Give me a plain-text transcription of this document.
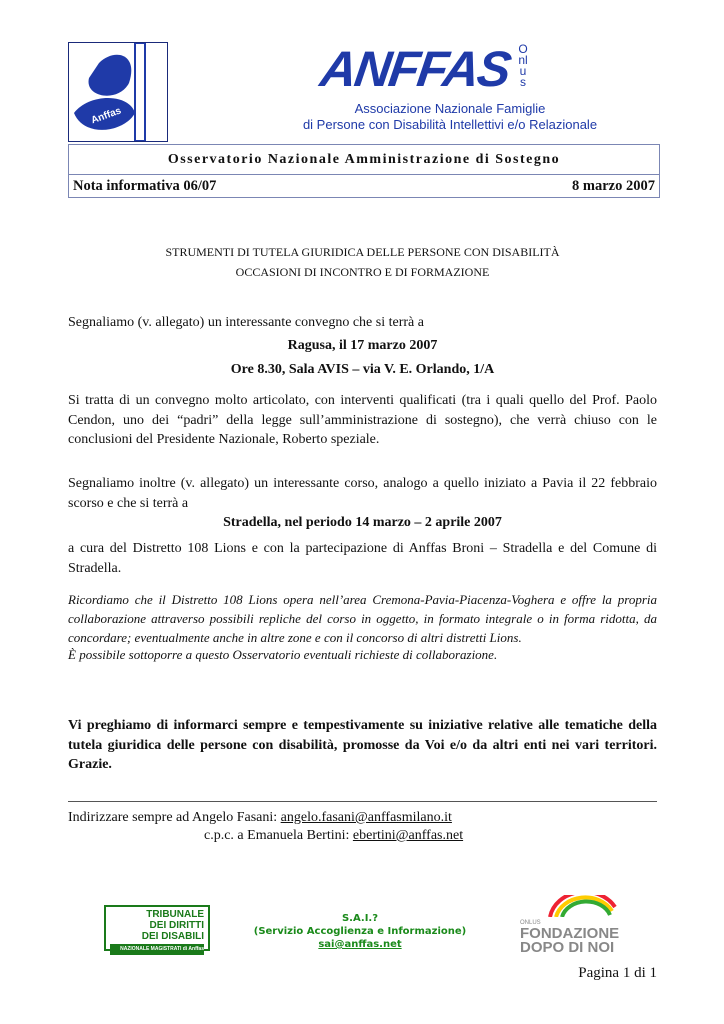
Anffas
ANFFAS Onlus
Associazione Nazionale Famiglie
di Persone con Disabilità Intellettivi e/o Relazionale
Osservatorio Nazionale Amministrazione di Sostegno
Nota informativa 06/07	8 marzo 2007
STRUMENTI DI TUTELA GIURIDICA DELLE PERSONE CON DISABILITÀ
OCCASIONI DI INCONTRO E DI FORMAZIONE
Segnaliamo (v. allegato) un interessante convegno che si terrà a
Ragusa, il 17 marzo 2007
Ore 8.30, Sala AVIS – via V. E. Orlando, 1/A
Si tratta di un convegno molto articolato, con interventi qualificati (tra i quali quello del Prof. Paolo Cendon, uno dei “padri” della legge sull’amministrazione di sostegno), che verrà chiuso con le conclusioni del Presidente Nazionale, Roberto speziale.
Segnaliamo inoltre (v. allegato) un interessante corso, analogo a quello iniziato a Pavia il 22 febbraio scorso e che si terrà a
Stradella, nel periodo 14 marzo – 2 aprile 2007
a cura del Distretto 108 Lions e con la partecipazione di Anffas Broni – Stradella e del Comune di Stradella.
Ricordiamo che il Distretto 108 Lions opera nell’area Cremona-Pavia-Piacenza-Voghera e offre la propria collaborazione attraverso possibili repliche del corso in oggetto, in formato integrale o in forma ridotta, da concordare; eventualmente anche in altre zone e con il concorso di altri distretti Lions.
È possibile sottoporre a questo Osservatorio eventuali richieste di collaborazione.
Vi preghiamo di informarci sempre e tempestivamente su iniziative relative alle tematiche della tutela giuridica delle persone con disabilità, promosse da Voi e/o da altri enti nei vari territori. Grazie.
Indirizzare sempre ad Angelo Fasani: angelo.fasani@anffasmilano.it
c.p.c. a Emanuela Bertini: ebertini@anffas.net
TRIBUNALE
DEI DIRITTI
DEI DISABILI
NAZIONALE MAGISTRATI di Anffas
S.A.I.?
(Servizio Accoglienza e Informazione)
sai@anffas.net
ONLUS
FONDAZIONE
DOPO DI NOI
Pagina 1 di 1
